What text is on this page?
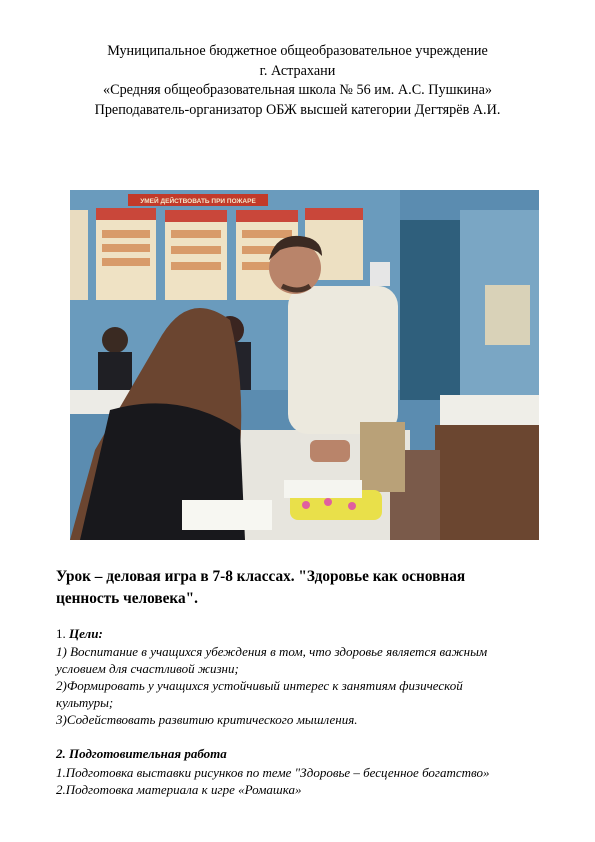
Муниципальное бюджетное общеобразовательное учреждение
г. Астрахани
«Средняя общеобразовательная школа № 56 им. А.С. Пушкина»
Преподаватель-организатор ОБЖ высшей категории Дегтярёв А.И.
УМЕЙ ДЕЙСТВОВАТЬ ПРИ ПОЖАРЕ
Урок – деловая игра в 7-8 классах. "Здоровье как основная
ценность человека".
1. Цели:
1) Воспитание в учащихся убеждения в том, что здоровье является важным
условием для счастливой жизни;
2)Формировать у учащихся устойчивый интерес к занятиям физической
культуры;
3)Содействовать развитию критического мышления.
2. Подготовительная работа
1.Подготовка выставки рисунков по теме "Здоровье – бесценное богатство»
2.Подготовка материала к игре «Ромашка»
